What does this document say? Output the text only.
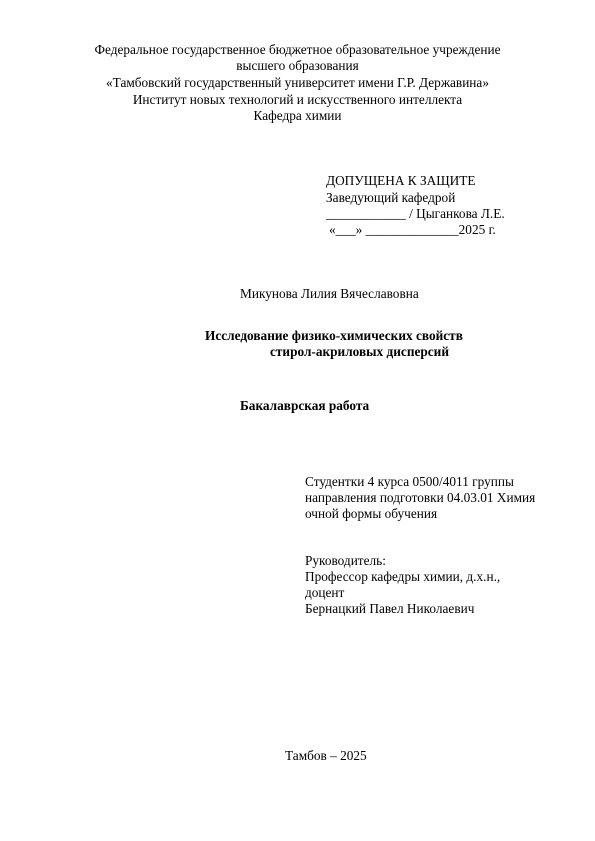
Федеральное государственное бюджетное образовательное учреждение
высшего образования
«Тамбовский государственный университет имени Г.Р. Державина»
Институт новых технологий и искусственного интеллекта
Кафедра химии
ДОПУЩЕНА К ЗАЩИТЕ
Заведующий кафедрой
____________ / Цыганкова Л.Е.
«___» ______________2025 г.
Микунова Лилия Вячеславовна
Исследование физико-химических свойств
стирол-акриловых дисперсий
Бакалаврская работа
Студентки 4 курса 0500/4011 группы
направления подготовки 04.03.01 Химия
очной формы обучения
Руководитель:
Профессор кафедры химии, д.х.н.,
доцент
Бернацкий Павел Николаевич
Тамбов – 2025
